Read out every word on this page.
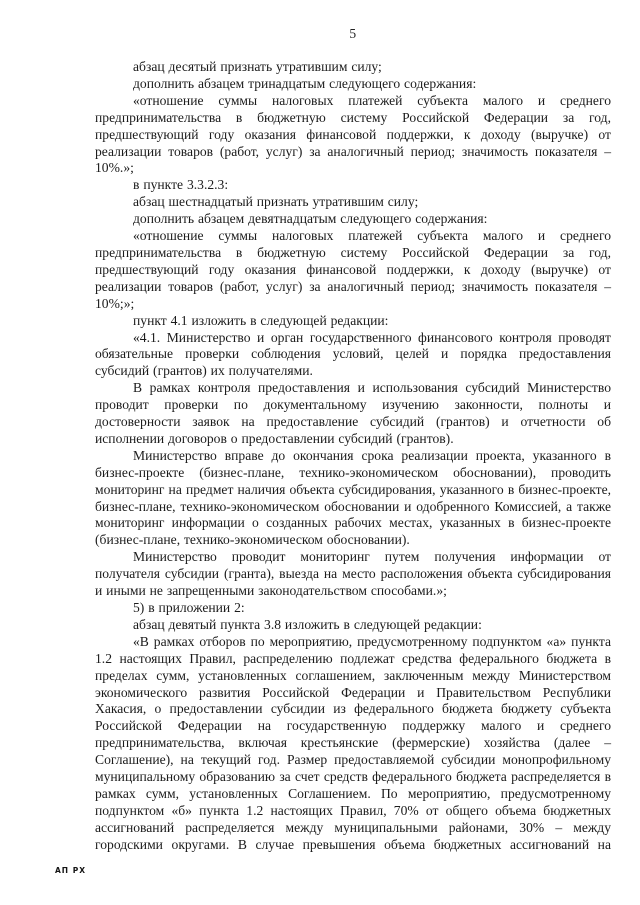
5

абзац десятый признать утратившим силу;

дополнить абзацем тринадцатым следующего содержания:

«отношение суммы налоговых платежей субъекта малого и среднего предпринимательства в бюджетную систему Российской Федерации за год, предшествующий году оказания финансовой поддержки, к доходу (выручке) от реализации товаров (работ, услуг) за аналогичный период; значимость показателя – 10%.»;

в пункте 3.3.2.3:

абзац шестнадцатый признать утратившим силу;

дополнить абзацем девятнадцатым следующего содержания:

«отношение суммы налоговых платежей субъекта малого и среднего предпринимательства в бюджетную систему Российской Федерации за год, предшествующий году оказания финансовой поддержки, к доходу (выручке) от реализации товаров (работ, услуг) за аналогичный период; значимость показателя – 10%;»;

пункт 4.1 изложить в следующей редакции:

«4.1. Министерство и орган государственного финансового контроля проводят обязательные проверки соблюдения условий, целей и порядка предоставления субсидий (грантов) их получателями.

В рамках контроля предоставления и использования субсидий Министерство проводит проверки по документальному изучению законности, полноты и достоверности заявок на предоставление субсидий (грантов) и отчетности об исполнении договоров о предоставлении субсидий (грантов).

Министерство вправе до окончания срока реализации проекта, указанного в бизнес-проекте (бизнес-плане, технико-экономическом обосновании), проводить мониторинг на предмет наличия объекта субсидирования, указанного в бизнес-проекте, бизнес-плане, технико-экономическом обосновании и одобренного Комиссией, а также мониторинг информации о созданных рабочих местах, указанных в бизнес-проекте (бизнес-плане, технико-экономическом обосновании).

Министерство проводит мониторинг путем получения информации от получателя субсидии (гранта), выезда на место расположения объекта субсидирования и иными не запрещенными законодательством способами.»;

5) в приложении 2:

абзац девятый пункта 3.8 изложить в следующей редакции:

«В рамках отборов по мероприятию, предусмотренному подпунктом «а» пункта 1.2 настоящих Правил, распределению подлежат средства федерального бюджета в пределах сумм, установленных соглашением, заключенным между Министерством экономического развития Российской Федерации и Правительством Республики Хакасия, о предоставлении субсидии из федерального бюджета бюджету субъекта Российской Федерации на государственную поддержку малого и среднего предпринимательства, включая крестьянские (фермерские) хозяйства (далее – Соглашение), на текущий год. Размер предоставляемой субсидии монопрофильному муниципальному образованию за счет средств федерального бюджета распределяется в рамках сумм, установленных Соглашением. По мероприятию, предусмотренному подпунктом «б» пункта 1.2 настоящих Правил, 70% от общего объема бюджетных ассигнований распределяется между муниципальными районами, 30% – между городскими округами. В случае превышения объема бюджетных ассигнований на

АП РХ
